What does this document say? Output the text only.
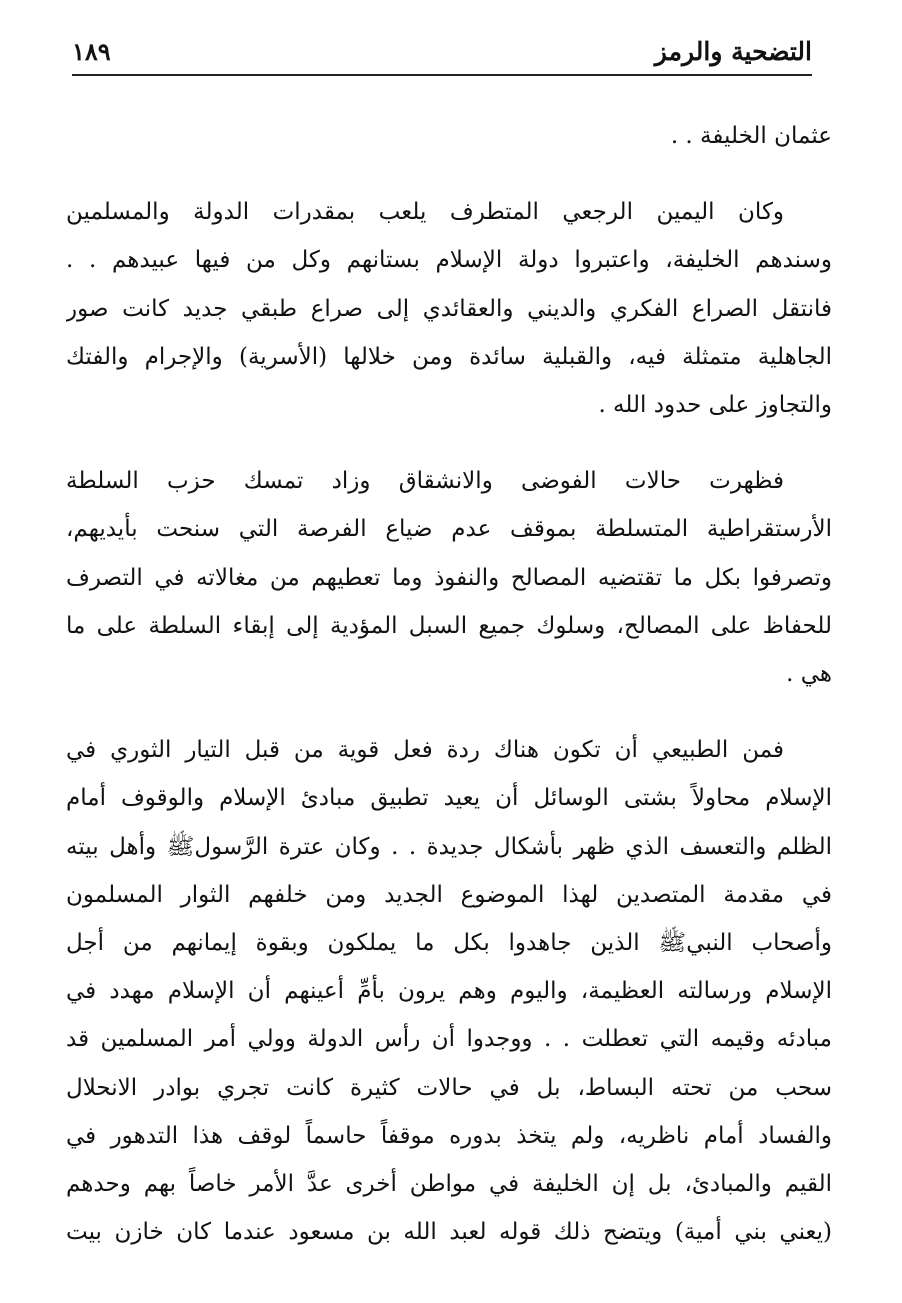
التضحية والرمز
١٨٩
عثمان الخليفة . .
وكان اليمين الرجعي المتطرف يلعب بمقدرات الدولة والمسلمين
وسندهم الخليفة، واعتبروا دولة الإسلام بستانهم وكل من فيها عبيدهم . .
فانتقل الصراع الفكري والديني والعقائدي إلى صراع طبقي جديد كانت صور
الجاهلية متمثلة فيه، والقبلية سائدة ومن خلالها (الأسرية) والإجرام والفتك
والتجاوز على حدود الله .
فظهرت حالات الفوضى والانشقاق وزاد تمسك حزب السلطة
الأرستقراطية المتسلطة بموقف عدم ضياع الفرصة التي سنحت بأيديهم،
وتصرفوا بكل ما تقتضيه المصالح والنفوذ وما تعطيهم من مغالاته في التصرف
للحفاظ على المصالح، وسلوك جميع السبل المؤدية إلى إبقاء السلطة على ما
هي .
فمن الطبيعي أن تكون هناك ردة فعل قوية من قبل التيار الثوري في
الإسلام محاولاً بشتى الوسائل أن يعيد تطبيق مبادئ الإسلام والوقوف أمام
الظلم والتعسف الذي ظهر بأشكال جديدة . . وكان عترة الرَّسولﷺ وأهل بيته
في مقدمة المتصدين لهذا الموضوع الجديد ومن خلفهم الثوار المسلمون
وأصحاب النبيﷺ الذين جاهدوا بكل ما يملكون وبقوة إيمانهم من أجل
الإسلام ورسالته العظيمة، واليوم وهم يرون بأمِّ أعينهم أن الإسلام مهدد في
مبادئه وقيمه التي تعطلت . . ووجدوا أن رأس الدولة وولي أمر المسلمين قد
سحب من تحته البساط، بل في حالات كثيرة كانت تجري بوادر الانحلال
والفساد أمام ناظريه، ولم يتخذ بدوره موقفاً حاسماً لوقف هذا التدهور في
القيم والمبادئ، بل إن الخليفة في مواطن أخرى عدَّ الأمر خاصاً بهم وحدهم
(يعني بني أمية) ويتضح ذلك قوله لعبد الله بن مسعود عندما كان خازن بيت
